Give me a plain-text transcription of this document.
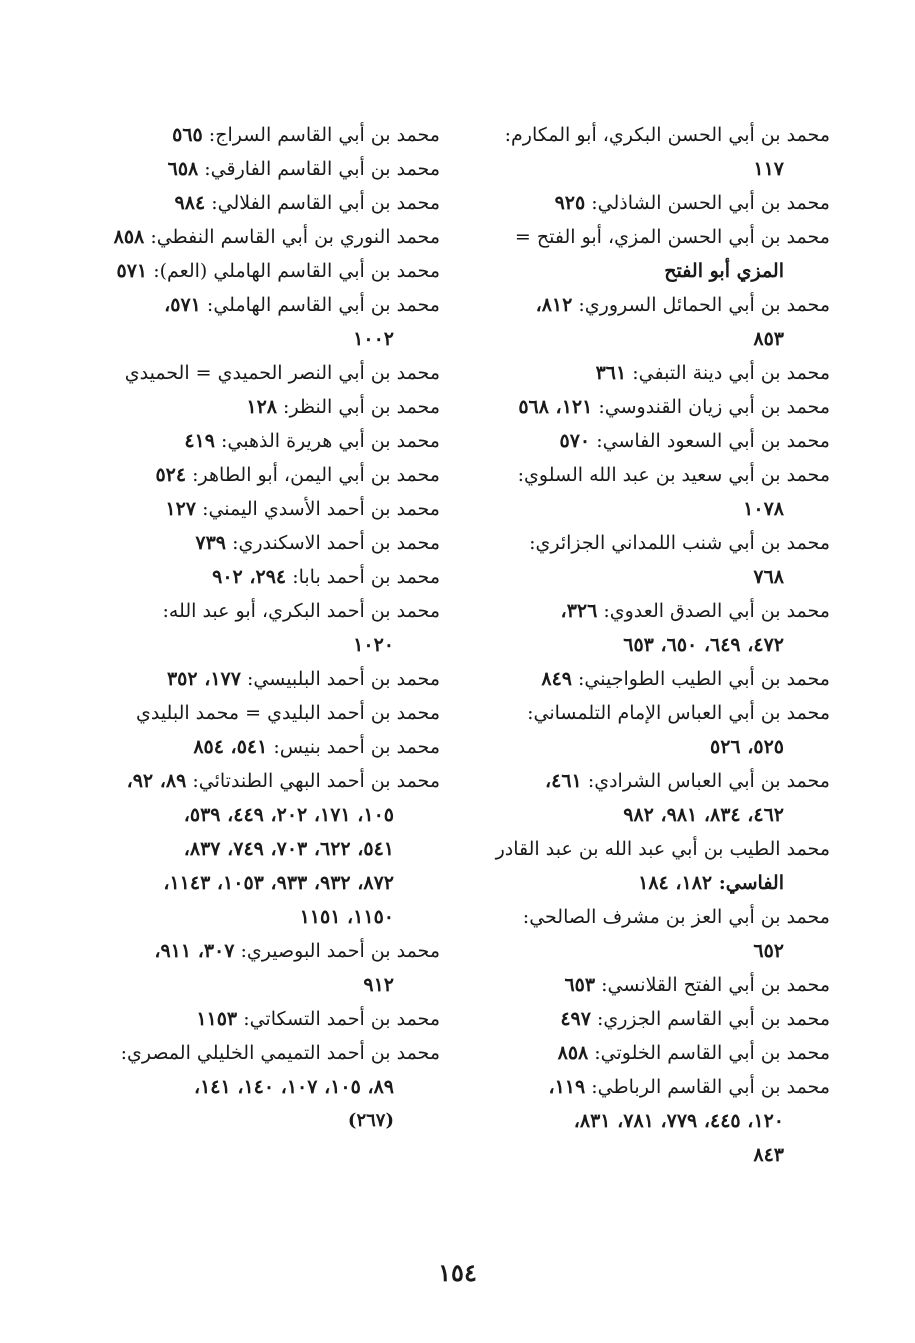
محمد بن أبي الحسن البكري، أبو المكارم:

١١٧

محمد بن أبي الحسن الشاذلي: ٩٢٥

محمد بن أبي الحسن المزي، أبو الفتح =

المزي أبو الفتح

محمد بن أبي الحمائل السروري: ٨١٢،

٨٥٣

محمد بن أبي دينة التبفي: ٣٦١

محمد بن أبي زيان القندوسي: ١٢١، ٥٦٨

محمد بن أبي السعود الفاسي: ٥٧٠

محمد بن أبي سعيد بن عبد الله السلوي:

١٠٧٨

محمد بن أبي شنب اللمداني الجزائري:

٧٦٨

محمد بن أبي الصدق العدوي: ٣٢٦،

٤٧٢، ٦٤٩، ٦٥٠، ٦٥٣

محمد بن أبي الطيب الطواجيني: ٨٤٩

محمد بن أبي العباس الإمام التلمساني:

٥٢٥، ٥٢٦

محمد بن أبي العباس الشرادي: ٤٦١،

٤٦٢، ٨٣٤، ٩٨١، ٩٨٢

محمد الطيب بن أبي عبد الله بن عبد القادر

الفاسي: ١٨٢، ١٨٤

محمد بن أبي العز بن مشرف الصالحي:

٦٥٢

محمد بن أبي الفتح القلانسي: ٦٥٣

محمد بن أبي القاسم الجزري: ٤٩٧

محمد بن أبي القاسم الخلوتي: ٨٥٨

محمد بن أبي القاسم الرباطي: ١١٩،

١٢٠، ٤٤٥، ٧٧٩، ٧٨١، ٨٣١،

٨٤٣

محمد بن أبي القاسم السراج: ٥٦٥

محمد بن أبي القاسم الفارقي: ٦٥٨

محمد بن أبي القاسم الفلالي: ٩٨٤

محمد النوري بن أبي القاسم النفطي: ٨٥٨

محمد بن أبي القاسم الهاملي (العم): ٥٧١

محمد بن أبي القاسم الهاملي: ٥٧١،

١٠٠٢

محمد بن أبي النصر الحميدي = الحميدي

محمد بن أبي النظر: ١٢٨

محمد بن أبي هريرة الذهبي: ٤١٩

محمد بن أبي اليمن، أبو الطاهر: ٥٢٤

محمد بن أحمد الأسدي اليمني: ١٢٧

محمد بن أحمد الاسكندري: ٧٣٩

محمد بن أحمد بابا: ٢٩٤، ٩٠٢

محمد بن أحمد البكري، أبو عبد الله:

١٠٢٠

محمد بن أحمد البلبيسي: ١٧٧، ٣٥٢

محمد بن أحمد البليدي = محمد البليدي

محمد بن أحمد بنيس: ٥٤١، ٨٥٤

محمد بن أحمد البهي الطندتائي: ٨٩، ٩٢،

١٠٥، ١٧١، ٢٠٢، ٤٤٩، ٥٣٩،

٥٤١، ٦٢٢، ٧٠٣، ٧٤٩، ٨٣٧،

٨٧٢، ٩٣٢، ٩٣٣، ١٠٥٣، ١١٤٣،

١١٥٠، ١١٥١

محمد بن أحمد البوصيري: ٣٠٧، ٩١١،

٩١٢

محمد بن أحمد التسكاتي: ١١٥٣

محمد بن أحمد التميمي الخليلي المصري:

٨٩، ١٠٥، ١٠٧، ١٤٠، ١٤١،

(٢٦٧)

١٥٤
